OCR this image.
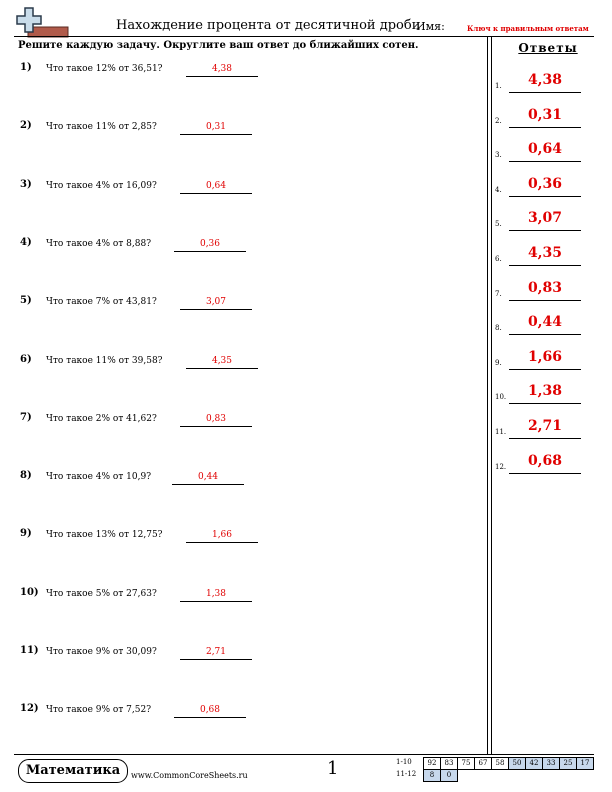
Нахождение процента от десятичной дроби
Имя:	Ключ к правильным ответам
Решите каждую задачу. Округлите ваш ответ до ближайших сотен.
1) Что такое 12% от 36,51?	4,38
2) Что такое 11% от 2,85?	0,31
3) Что такое 4% от 16,09?	0,64
4) Что такое 4% от 8,88?	0,36
5) Что такое 7% от 43,81?	3,07
6) Что такое 11% от 39,58?	4,35
7) Что такое 2% от 41,62?	0,83
8) Что такое 4% от 10,9?	0,44
9) Что такое 13% от 12,75?	1,66
10) Что такое 5% от 27,63?	1,38
11) Что такое 9% от 30,09?	2,71
12) Что такое 9% от 7,52?	0,68
Ответы
1.	4,38
2.	0,31
3.	0,64
4.	0,36
5.	3,07
6.	4,35
7.	0,83
8.	0,44
9.	1,66
10.	1,38
11.	2,71
12.	0,68
Математика	www.CommonCoreSheets.ru	1	1-10	92	83	75	67	58	50	42	33	25	17
11-12	8	0
